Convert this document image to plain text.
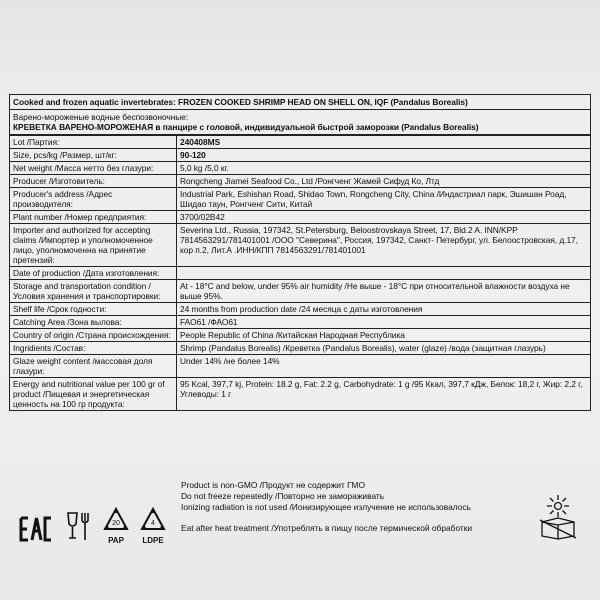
Cooked and frozen aquatic invertebrates: FROZEN COOKED SHRIMP HEAD ON SHELL ON, IQF (Pandalus Borealis)
Варено-мороженые водные беспозвоночные:
КРЕВЕТКА ВАРЕНО-МОРОЖЕНАЯ в панцире с головой, индивидуальной быстрой заморозки (Pandalus Borealis)
Lot /Партия:	240408MS
Size, pcs/kg /Размер, шт/кг:	90-120
Net weight /Масса нетто без глазури:	5,0 kg /5,0 кг.
Producer /Изготовитель:	Rongcheng Jiamei Seafood Co., Ltd /Ронгченг Жамей Сифуд Ко, Лтд
Producer's address /Адрес производителя:	Industrial Park, Eshishan Road, Shidao Town, Rongcheng City, China /Индастриал парк, Эшишан Роад, Шидао таун, Ронгченг Сити, Китай
Plant number /Номер предприятия:	3700/02B42
Importer and authorized for accepting claims /Импортер и уполномоченное лицо, уполномоченна на принятие претензий:	Severina Ltd., Russia, 197342, St.Petersburg, Beloostrovskaya Street, 17, Bld.2 A. INN/KPP 7814563291/781401001 /ООО "Северина", Россия, 197342, Санкт- Петербург, ул. Белоостровская, д.17, кор п.2, Лит.А .ИНН/КПП 7814563291/781401001
Date of production /Дата изготовления:	
Storage and transportation condition /Условия хранения и транспортировки:	At - 18°C and below, under 95% air humidity /Не выше - 18°C при относительной влажности воздуха не выше 95%.
Shelf life /Срок годности:	24 months from production date /24 месяца с даты изготовления
Catching Area /Зона вылова:	FAO61 /ФАО61
Country of origin /Страна происхождения:	People Republic of China /Китайская Народная Республика
Ingridients /Состав:	Shrimp (Pandalus Borealis) /Креветка (Pandalus Borealis), water (glaze) /вода (защитная глазурь)
Glaze weight content /массовая доля глазури:	Under 14% /не более 14%
Energy and nutritional value per 100 gr of product /Пищевая и энергетическая ценность на 100 гр продукта:	95 Kcal, 397,7 kj, Protein: 18.2 g, Fat: 2.2 g, Carbohydrate: 1 g /95 Ккал, 397,7 кДж, Белок: 18,2 г, Жир: 2,2 г, Углеводы: 1 г
20
PAP
4
LDPE
Product is non-GMO /Продукт не содержит ГМО
Do not freeze repeatedly /Повторно не замораживать
Ionizing radiation is not used /Ионизирующее излучение не использовалось
Eat after heat treatment /Употреблять в пищу после термической обработки
